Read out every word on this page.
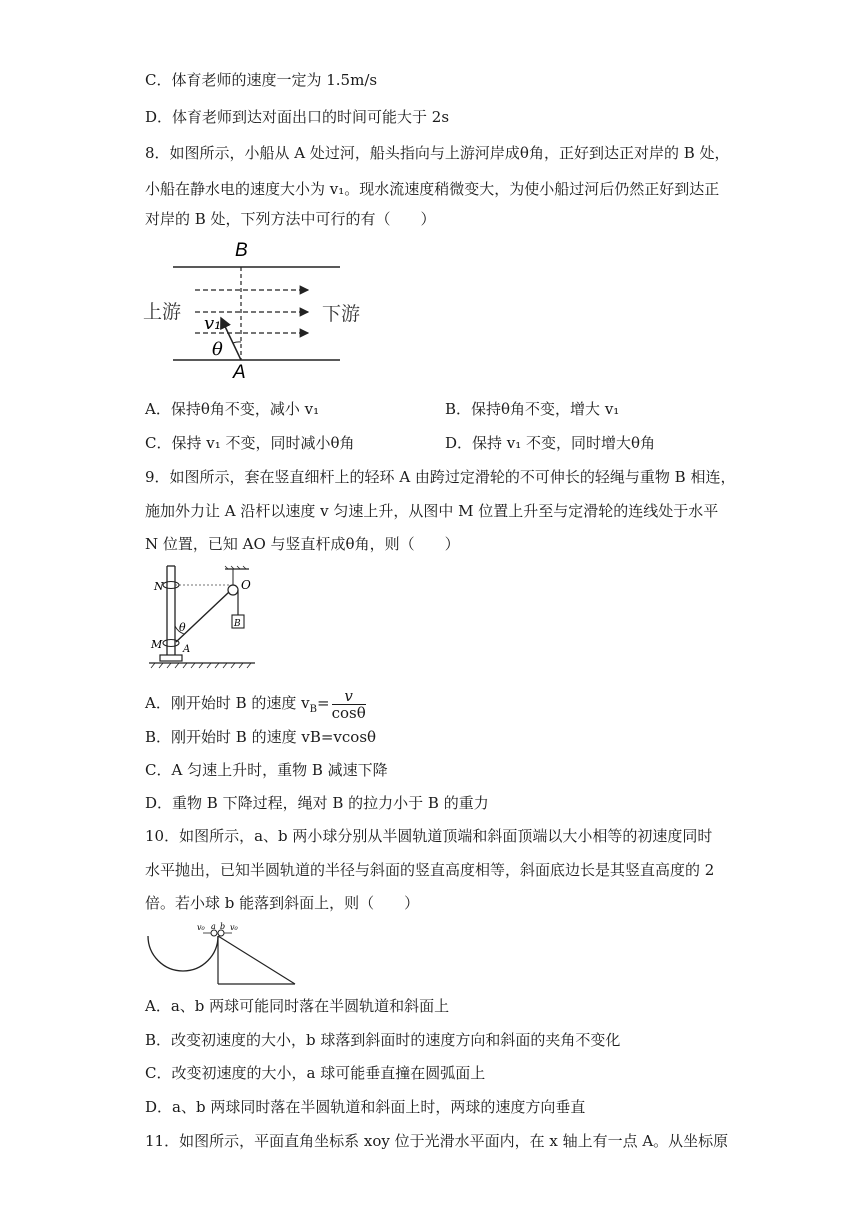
C．体育老师的速度一定为 1.5m/s
D．体育老师到达对面出口的时间可能大于 2s
8．如图所示，小船从 A 处过河，船头指向与上游河岸成θ角，正好到达正对岸的 B 处，
小船在静水电的速度大小为 v₁。现水流速度稍微变大，为使小船过河后仍然正好到达正
对岸的 B 处，下列方法中可行的有（　　）
B
A
上游	下游
v₁
θ
A．保持θ角不变，减小 v₁	B．保持θ角不变，增大 v₁
C．保持 v₁ 不变，同时减小θ角	D．保持 v₁ 不变，同时增大θ角
9．如图所示，套在竖直细杆上的轻环 A 由跨过定滑轮的不可伸长的轻绳与重物 B 相连，
施加外力让 A 沿杆以速度 v 匀速上升，从图中 M 位置上升至与定滑轮的连线处于水平
N 位置，已知 AO 与竖直杆成θ角，则（　　）
N	O
θ	B
M A
A．刚开始时 B 的速度 $v_B= \frac{v}{\cos\theta}$
B．刚开始时 B 的速度 vB=vcosθ
C．A 匀速上升时，重物 B 减速下降
D．重物 B 下降过程，绳对 B 的拉力小于 B 的重力
10．如图所示，a、b 两小球分别从半圆轨道顶端和斜面顶端以大小相等的初速度同时
水平抛出，已知半圆轨道的半径与斜面的竖直高度相等，斜面底边长是其竖直高度的 2
倍。若小球 b 能落到斜面上，则（　　）
v₀ a b v₀
A．a、b 两球可能同时落在半圆轨道和斜面上
B．改变初速度的大小，b 球落到斜面时的速度方向和斜面的夹角不变化
C．改变初速度的大小，a 球可能垂直撞在圆弧面上
D．a、b 两球同时落在半圆轨道和斜面上时，两球的速度方向垂直
11．如图所示，平面直角坐标系 xoy 位于光滑水平面内，在 x 轴上有一点 A。从坐标原
